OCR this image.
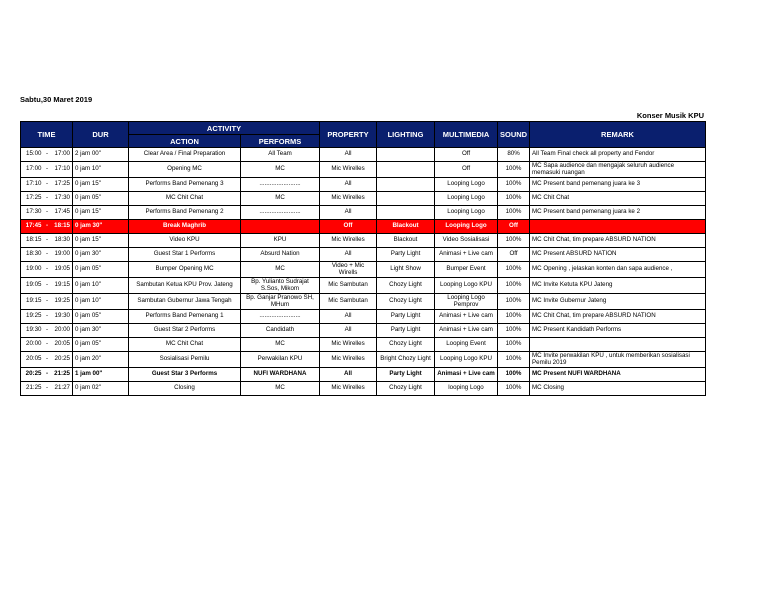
Sabtu,30 Maret 2019
Konser Musik KPU
TIME			DUR	ACTIVITY		PROPERTY	LIGHTING	MULTIMEDIA	SOUND	REMARK
				ACTION	PERFORMS					
15:00	-	17:00	2 jam 00"	Clear Area / Final Preparation	All Team	All		Off	80%	All Team Final check all property and Fendor
17:00	-	17:10	0 jam 10"	Opening MC	MC	Mic Wirelles		Off	100%	MC Sapa audience dan mengajak seluruh audience memasuki ruangan
17:10	-	17:25	0 jam 15"	Performs Band Pemenang 3	........................	All		Looping Logo	100%	MC Present band pemenang juara ke 3
17:25	-	17:30	0 jam 05"	MC Chit Chat	MC	Mic Wirelles		Looping Logo	100%	MC Chit Chat
17:30	-	17:45	0 jam 15"	Performs Band Pemenang 2	........................	All		Looping Logo	100%	MC Present band pemenang juara ke 2
17:45	-	18:15	0 jam 30"	Break Maghrib		Off	Blackout	Looping Logo	Off	
18:15	-	18:30	0 jam 15"	Video KPU	KPU	Mic Wirelles	Blackout	Video Sosialisasi	100%	MC Chit Chat, tim prepare ABSURD NATION
18:30	-	19:00	0 jam 30"	Guest Star 1 Performs	Absurd Nation	All	Party Light	Animasi + Live cam	Off	MC Present ABSURD NATION
19:00	-	19:05	0 jam 05"	Bumper Opening MC	MC	Video + Mic Wirells	Light Show	Bumper Event	100%	MC Opening , jelaskan konten dan sapa audience ,
19:05	-	19:15	0 jam 10"	Sambutan Ketua KPU Prov. Jateng	Bp. Yulianto Sudrajat S.Sos, Mikom	Mic Sambutan	Chozy Light	Looping Logo KPU	100%	MC Invite Ketuta KPU Jateng
19:15	-	19:25	0 jam 10"	Sambutan Gubernur Jawa Tengah	Bp. Ganjar Pranowo SH, MHum	Mic Sambutan	Chozy Light	Looping Logo Pemprov	100%	MC Invite Gubernur Jateng
19:25	-	19:30	0 jam 05"	Performs Band Pemenang 1	........................	All	Party Light	Animasi + Live cam	100%	MC Chit Chat, tim prepare ABSURD NATION
19:30	-	20:00	0 jam 30"	Guest Star 2 Performs	Candidath	All	Party Light	Animasi + Live cam	100%	MC Present Kandidath Performs
20:00	-	20:05	0 jam 05"	MC Chit Chat	MC	Mic Wirelles	Chozy Light	Looping Event	100%	
20:05	-	20:25	0 jam 20"	Sosialisasi Pemilu	Perwakilan KPU	Mic Wirelles	Bright Chozy Light	Looping Logo KPU	100%	MC Invite perwakilan KPU , untuk memberikan sosialisasi Pemilu 2019
20:25	-	21:25	1 jam 00"	Guest Star 3 Performs	NUFI WARDHANA	All	Party Light	Animasi + Live cam	100%	MC Present NUFI WARDHANA
21:25	-	21:27	0 jam 02"	Closing	MC	Mic Wirelles	Chozy Light	looping Logo	100%	MC Closing
